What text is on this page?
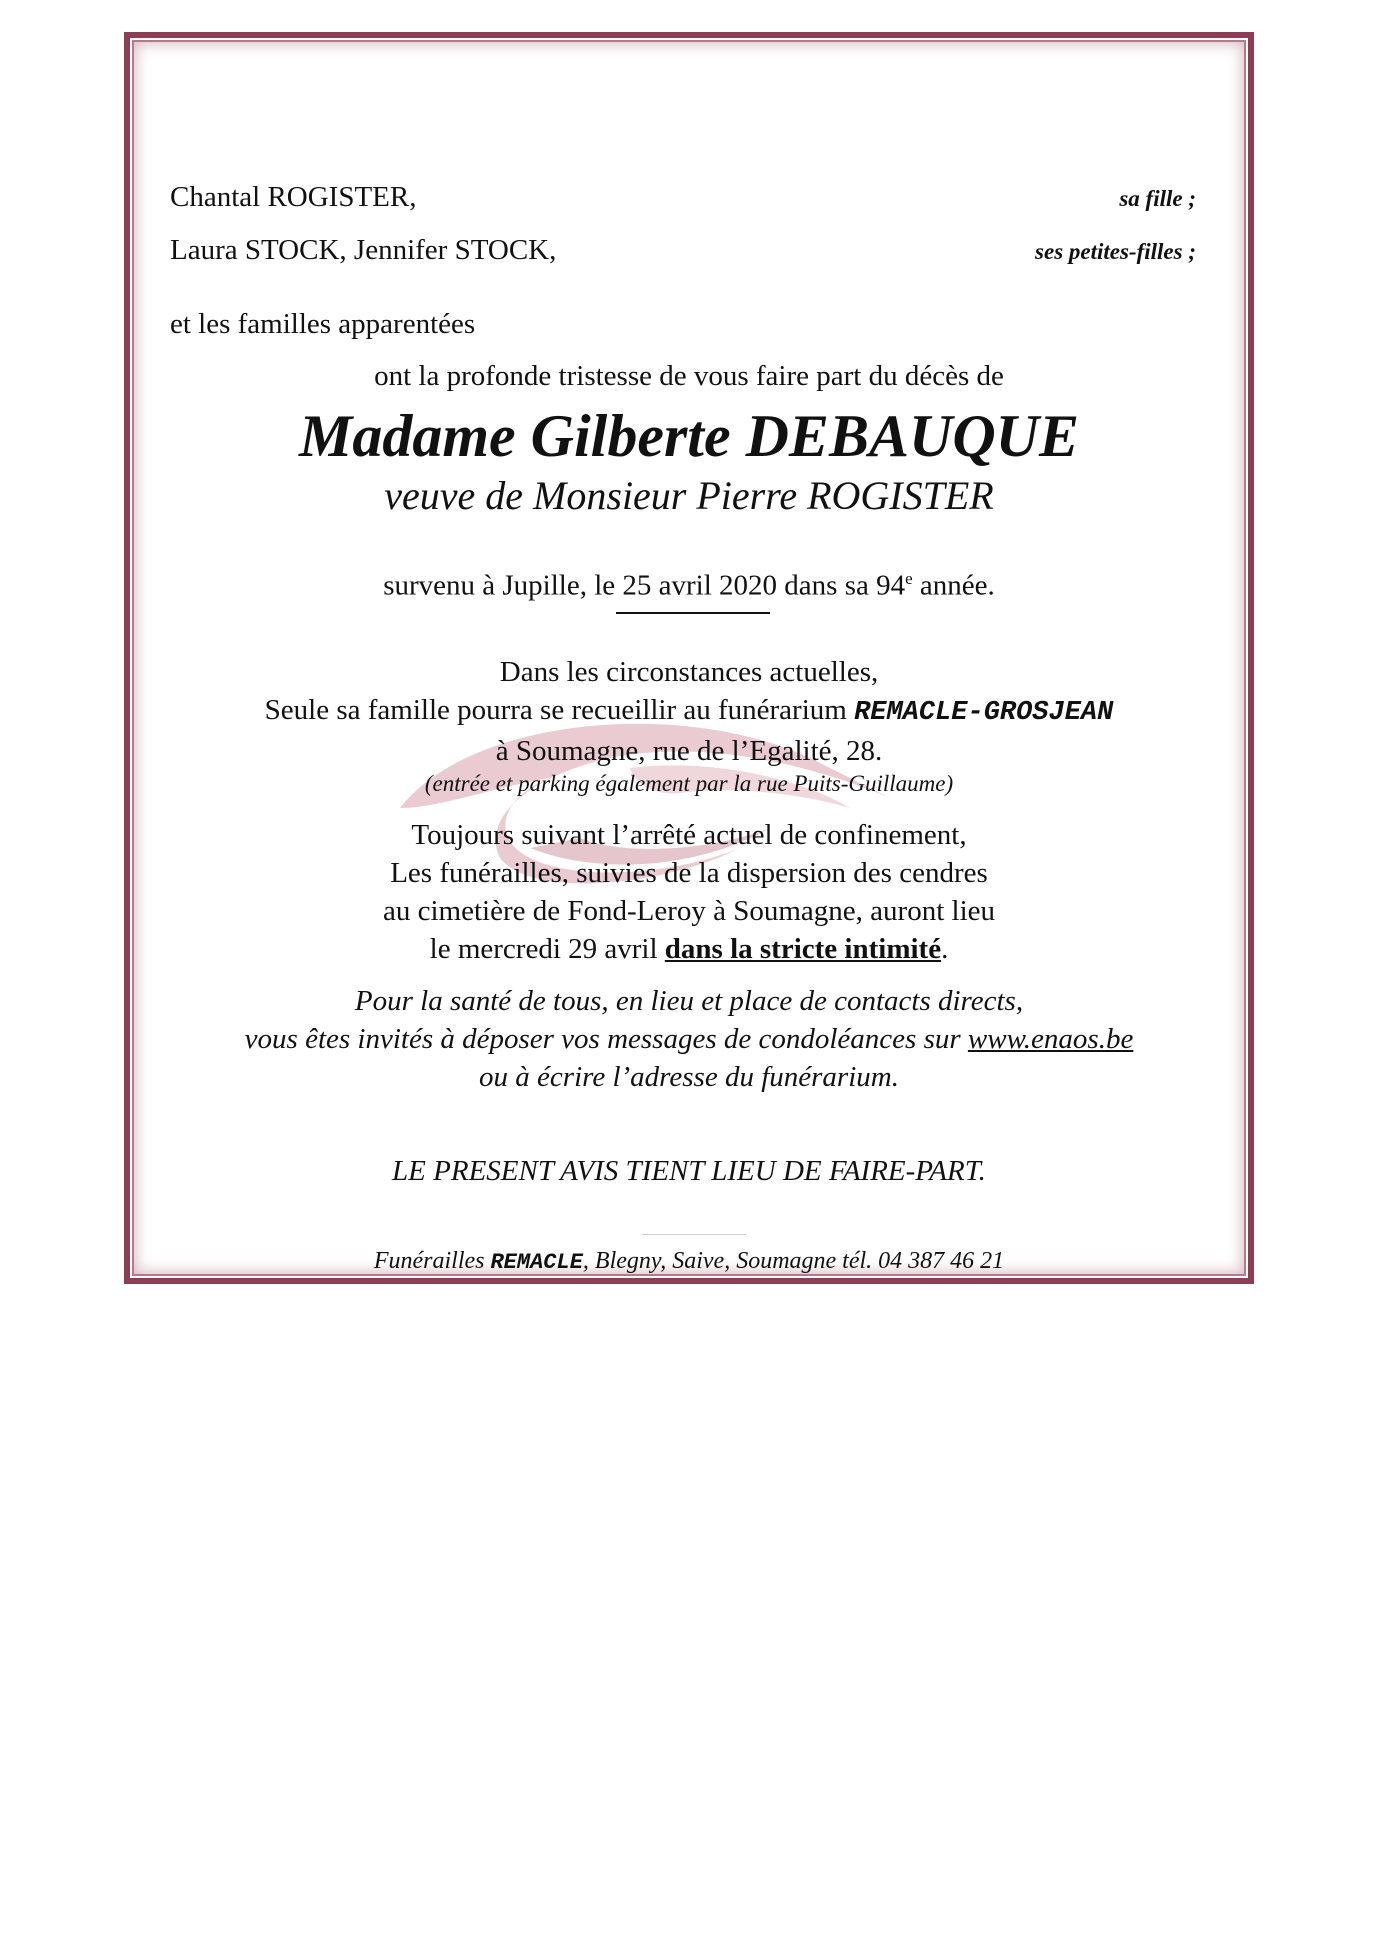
Chantal ROGISTER,	sa fille ;
Laura STOCK, Jennifer STOCK,	ses petites-filles ;
et les familles apparentées
ont la profonde tristesse de vous faire part du décès de
Madame Gilberte DEBAUQUE
veuve de Monsieur Pierre ROGISTER
survenu à Jupille, le 25 avril 2020 dans sa 94e année.
Dans les circonstances actuelles,
Seule sa famille pourra se recueillir au funérarium REMACLE-GROSJEAN
à Soumagne, rue de l’Egalité, 28.
(entrée et parking également par la rue Puits-Guillaume)
Toujours suivant l’arrêté actuel de confinement,
Les funérailles, suivies de la dispersion des cendres
au cimetière de Fond-Leroy à Soumagne, auront lieu
le mercredi 29 avril dans la stricte intimité.
Pour la santé de tous, en lieu et place de contacts directs,
vous êtes invités à déposer vos messages de condoléances sur www.enaos.be
ou à écrire l’adresse du funérarium.
LE PRESENT AVIS TIENT LIEU DE FAIRE-PART.
Funérailles REMACLE, Blegny, Saive, Soumagne tél. 04 387 46 21
